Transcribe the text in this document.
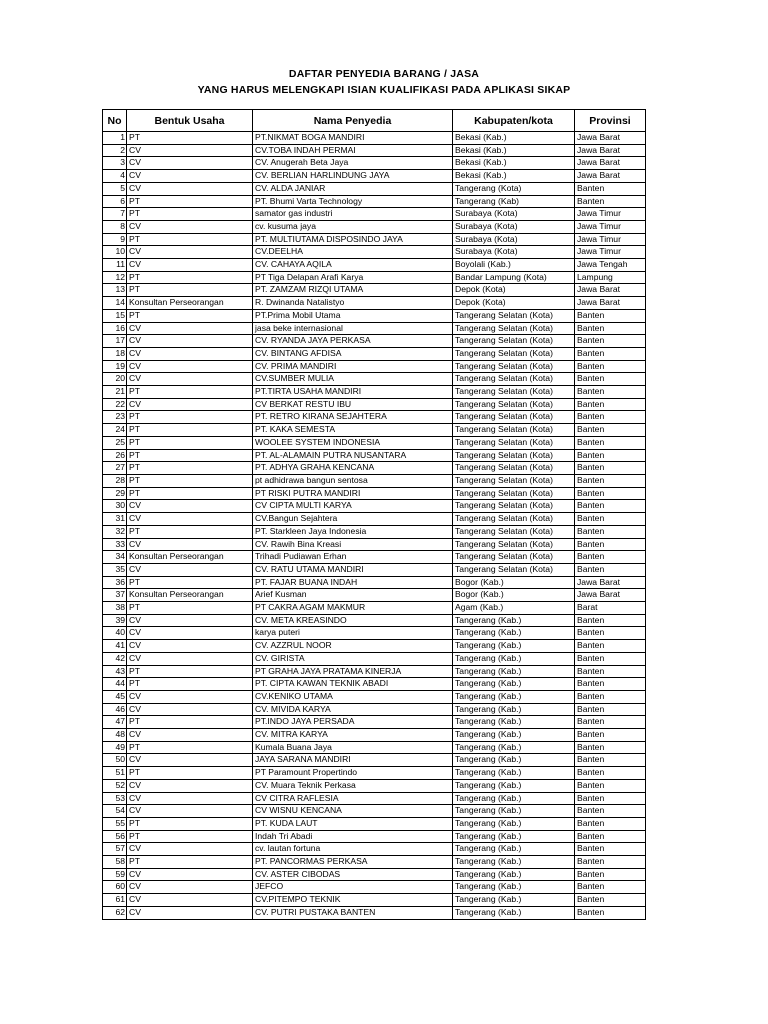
DAFTAR PENYEDIA BARANG / JASA
YANG HARUS MELENGKAPI ISIAN KUALIFIKASI PADA APLIKASI SIKAP
No	Bentuk Usaha	Nama Penyedia	Kabupaten/kota	Provinsi
1	PT	PT.NIKMAT BOGA MANDIRI	Bekasi (Kab.)	Jawa Barat
2	CV	CV.TOBA INDAH PERMAI	Bekasi (Kab.)	Jawa Barat
3	CV	CV. Anugerah Beta Jaya	Bekasi (Kab.)	Jawa Barat
4	CV	CV. BERLIAN HARLINDUNG JAYA	Bekasi (Kab.)	Jawa Barat
5	CV	CV. ALDA JANIAR	Tangerang (Kota)	Banten
6	PT	PT. Bhumi Varta Technology	Tangerang (Kab)	Banten
7	PT	samator gas industri	Surabaya (Kota)	Jawa Timur
8	CV	cv. kusuma jaya	Surabaya (Kota)	Jawa Timur
9	PT	PT. MULTIUTAMA DISPOSINDO JAYA	Surabaya (Kota)	Jawa Timur
10	CV	CV.DEELHA	Surabaya (Kota)	Jawa Timur
11	CV	CV. CAHAYA AQILA	Boyolali (Kab.)	Jawa Tengah
12	PT	PT Tiga Delapan Arafi Karya	Bandar Lampung (Kota)	Lampung
13	PT	PT. ZAMZAM RIZQI UTAMA	Depok (Kota)	Jawa Barat
14	Konsultan Perseorangan	R. Dwinanda Natalistyo	Depok (Kota)	Jawa Barat
15	PT	PT.Prima Mobil Utama	Tangerang Selatan (Kota)	Banten
16	CV	jasa beke internasional	Tangerang Selatan (Kota)	Banten
17	CV	CV. RYANDA JAYA PERKASA	Tangerang Selatan (Kota)	Banten
18	CV	CV. BINTANG AFDISA	Tangerang Selatan (Kota)	Banten
19	CV	CV. PRIMA MANDIRI	Tangerang Selatan (Kota)	Banten
20	CV	CV.SUMBER MULIA	Tangerang Selatan (Kota)	Banten
21	PT	PT.TIRTA USAHA MANDIRI	Tangerang Selatan (Kota)	Banten
22	CV	CV BERKAT RESTU IBU	Tangerang Selatan (Kota)	Banten
23	PT	PT. RETRO KIRANA SEJAHTERA	Tangerang Selatan (Kota)	Banten
24	PT	PT. KAKA SEMESTA	Tangerang Selatan (Kota)	Banten
25	PT	WOOLEE SYSTEM INDONESIA	Tangerang Selatan (Kota)	Banten
26	PT	PT. AL-ALAMAIN PUTRA NUSANTARA	Tangerang Selatan (Kota)	Banten
27	PT	PT. ADHYA GRAHA KENCANA	Tangerang Selatan (Kota)	Banten
28	PT	pt adhidrawa bangun sentosa	Tangerang Selatan (Kota)	Banten
29	PT	PT RISKI PUTRA MANDIRI	Tangerang Selatan (Kota)	Banten
30	CV	CV CIPTA MULTI KARYA	Tangerang Selatan (Kota)	Banten
31	CV	CV.Bangun Sejahtera	Tangerang Selatan (Kota)	Banten
32	PT	PT. Starkleen Jaya Indonesia	Tangerang Selatan (Kota)	Banten
33	CV	CV. Rawih Bina Kreasi	Tangerang Selatan (Kota)	Banten
34	Konsultan Perseorangan	Trihadi Pudiawan Erhan	Tangerang Selatan (Kota)	Banten
35	CV	CV. RATU UTAMA MANDIRI	Tangerang Selatan (Kota)	Banten
36	PT	PT. FAJAR BUANA INDAH	Bogor (Kab.)	Jawa Barat
37	Konsultan Perseorangan	Arief Kusman	Bogor (Kab.)	Jawa Barat
38	PT	PT CAKRA AGAM MAKMUR	Agam (Kab.)	Barat
39	CV	CV. META KREASINDO	Tangerang (Kab.)	Banten
40	CV	karya puteri	Tangerang (Kab.)	Banten
41	CV	CV. AZZRUL NOOR	Tangerang (Kab.)	Banten
42	CV	CV. GIRISTA	Tangerang (Kab.)	Banten
43	PT	PT GRAHA JAYA PRATAMA KINERJA	Tangerang (Kab.)	Banten
44	PT	PT. CIPTA KAWAN TEKNIK ABADI	Tangerang (Kab.)	Banten
45	CV	CV.KENIKO UTAMA	Tangerang (Kab.)	Banten
46	CV	CV. MIVIDA KARYA	Tangerang (Kab.)	Banten
47	PT	PT.INDO JAYA PERSADA	Tangerang (Kab.)	Banten
48	CV	CV. MITRA KARYA	Tangerang (Kab.)	Banten
49	PT	Kumala Buana Jaya	Tangerang (Kab.)	Banten
50	CV	JAYA SARANA MANDIRI	Tangerang (Kab.)	Banten
51	PT	PT Paramount Propertindo	Tangerang (Kab.)	Banten
52	CV	CV. Muara Teknik Perkasa	Tangerang (Kab.)	Banten
53	CV	CV CITRA RAFLESIA	Tangerang (Kab.)	Banten
54	CV	CV WISNU KENCANA	Tangerang (Kab.)	Banten
55	PT	PT. KUDA LAUT	Tangerang (Kab.)	Banten
56	PT	Indah Tri Abadi	Tangerang (Kab.)	Banten
57	CV	cv. lautan fortuna	Tangerang (Kab.)	Banten
58	PT	PT. PANCORMAS PERKASA	Tangerang (Kab.)	Banten
59	CV	CV. ASTER CIBODAS	Tangerang (Kab.)	Banten
60	CV	JEFCO	Tangerang (Kab.)	Banten
61	CV	CV.PITEMPO TEKNIK	Tangerang (Kab.)	Banten
62	CV	CV. PUTRI PUSTAKA BANTEN	Tangerang (Kab.)	Banten
